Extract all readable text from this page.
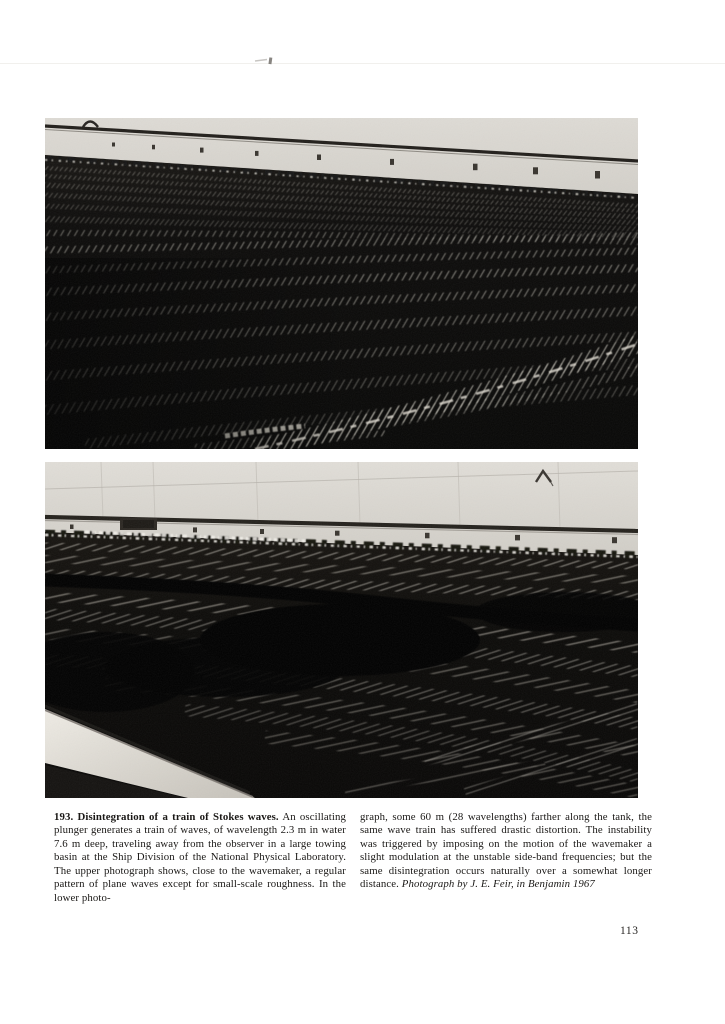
193. Disintegration of a train of Stokes waves. An oscillating plunger generates a train of waves, of wavelength 2.3 m in water 7.6 m deep, traveling away from the observer in a large towing basin at the Ship Division of the National Physical Laboratory. The upper photograph shows, close to the wavemaker, a regular pattern of plane waves except for small-scale roughness. In the lower photo-
graph, some 60 m (28 wavelengths) farther along the tank, the same wave train has suffered drastic distortion. The instability was triggered by imposing on the motion of the wavemaker a slight modulation at the unstable side-band frequencies; but the same disintegration occurs naturally over a somewhat longer distance. Photograph by J. E. Feir, in Benjamin 1967
113
